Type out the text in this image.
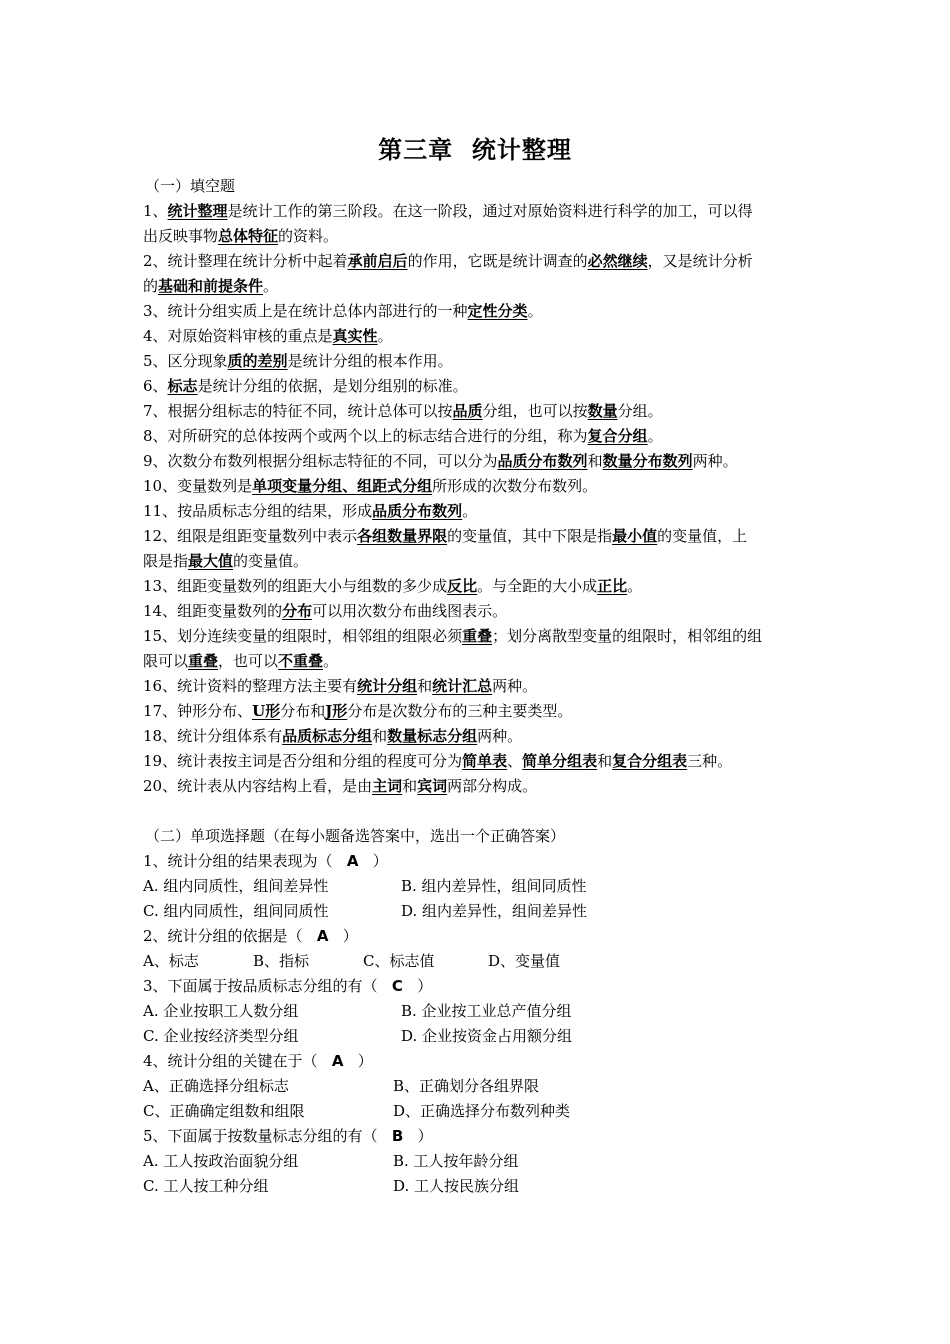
第三章  统计整理
（一）填空题
1、统计整理是统计工作的第三阶段。在这一阶段，通过对原始资料进行科学的加工，可以得
出反映事物总体特征的资料。
2、统计整理在统计分析中起着承前启后的作用，它既是统计调查的必然继续，又是统计分析
的基础和前提条件。
3、统计分组实质上是在统计总体内部进行的一种定性分类。
4、对原始资料审核的重点是真实性。
5、区分现象质的差别是统计分组的根本作用。
6、标志是统计分组的依据，是划分组别的标准。
7、根据分组标志的特征不同，统计总体可以按品质分组，也可以按数量分组。
8、对所研究的总体按两个或两个以上的标志结合进行的分组，称为复合分组。
9、次数分布数列根据分组标志特征的不同，可以分为品质分布数列和数量分布数列两种。
10、变量数列是单项变量分组、组距式分组所形成的次数分布数列。
11、按品质标志分组的结果，形成品质分布数列。
12、组限是组距变量数列中表示各组数量界限的变量值，其中下限是指最小值的变量值，上
限是指最大值的变量值。
13、组距变量数列的组距大小与组数的多少成反比。与全距的大小成正比。
14、组距变量数列的分布可以用次数分布曲线图表示。
15、划分连续变量的组限时，相邻组的组限必须重叠；划分离散型变量的组限时，相邻组的组
限可以重叠，也可以不重叠。
16、统计资料的整理方法主要有统计分组和统计汇总两种。
17、钟形分布、U形分布和J形分布是次数分布的三种主要类型。
18、统计分组体系有品质标志分组和数量标志分组两种。
19、统计表按主词是否分组和分组的程度可分为简单表、简单分组表和复合分组表三种。
20、统计表从内容结构上看，是由主词和宾词两部分构成。
（二）单项选择题（在每小题备选答案中，选出一个正确答案）
1、统计分组的结果表现为（ A ）
A. 组内同质性，组间差异性	B. 组内差异性，组间同质性
C. 组内同质性，组间同质性	D. 组内差异性，组间差异性
2、统计分组的依据是（ A ）
A、标志	B、指标	C、标志值	D、变量值
3、下面属于按品质标志分组的有（ C ）
A. 企业按职工人数分组	B. 企业按工业总产值分组
C. 企业按经济类型分组	D. 企业按资金占用额分组
4、统计分组的关键在于（ A ）
A、正确选择分组标志	B、正确划分各组界限
C、正确确定组数和组限	D、正确选择分布数列种类
5、下面属于按数量标志分组的有（ B ）
A. 工人按政治面貌分组	B. 工人按年龄分组
C. 工人按工种分组	D. 工人按民族分组
